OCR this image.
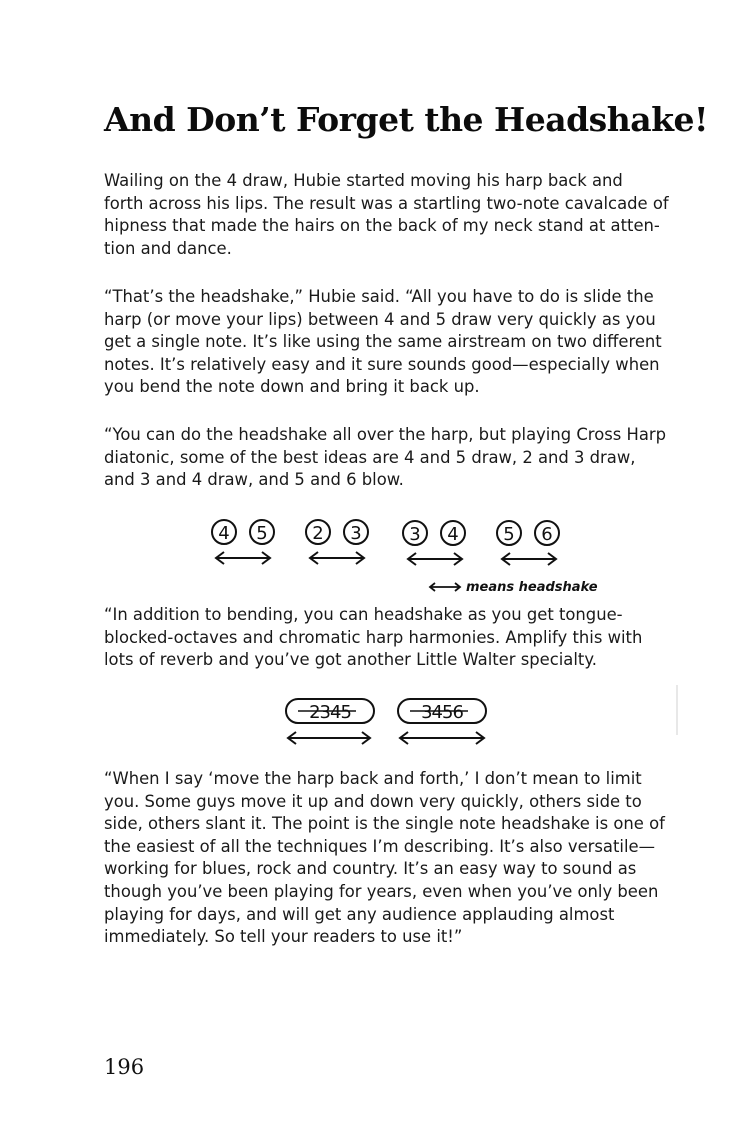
And Don’t Forget the Headshake!
Wailing on the 4 draw, Hubie started moving his harp back and
forth across his lips. The result was a startling two-note cavalcade of
hipness that made the hairs on the back of my neck stand at atten-
tion and dance.
“That’s the headshake,” Hubie said. “All you have to do is slide the
harp (or move your lips) between 4 and 5 draw very quickly as you
get a single note. It’s like using the same airstream on two different
notes. It’s relatively easy and it sure sounds good—especially when
you bend the note down and bring it back up.
“You can do the headshake all over the harp, but playing Cross Harp
diatonic, some of the best ideas are 4 and 5 draw, 2 and 3 draw,
and 3 and 4 draw, and 5 and 6 blow.
4 5 2 3	3 4 5 6
means headshake
“In addition to bending, you can headshake as you get tongue-
blocked-octaves and chromatic harp harmonies. Amplify this with
lots of reverb and you’ve got another Little Walter specialty.
2345	3456
“When I say ‘move the harp back and forth,’ I don’t mean to limit
you. Some guys move it up and down very quickly, others side to
side, others slant it. The point is the single note headshake is one of
the easiest of all the techniques I’m describing. It’s also versatile—
working for blues, rock and country. It’s an easy way to sound as
though you’ve been playing for years, even when you’ve only been
playing for days, and will get any audience applauding almost
immediately. So tell your readers to use it!”
196
